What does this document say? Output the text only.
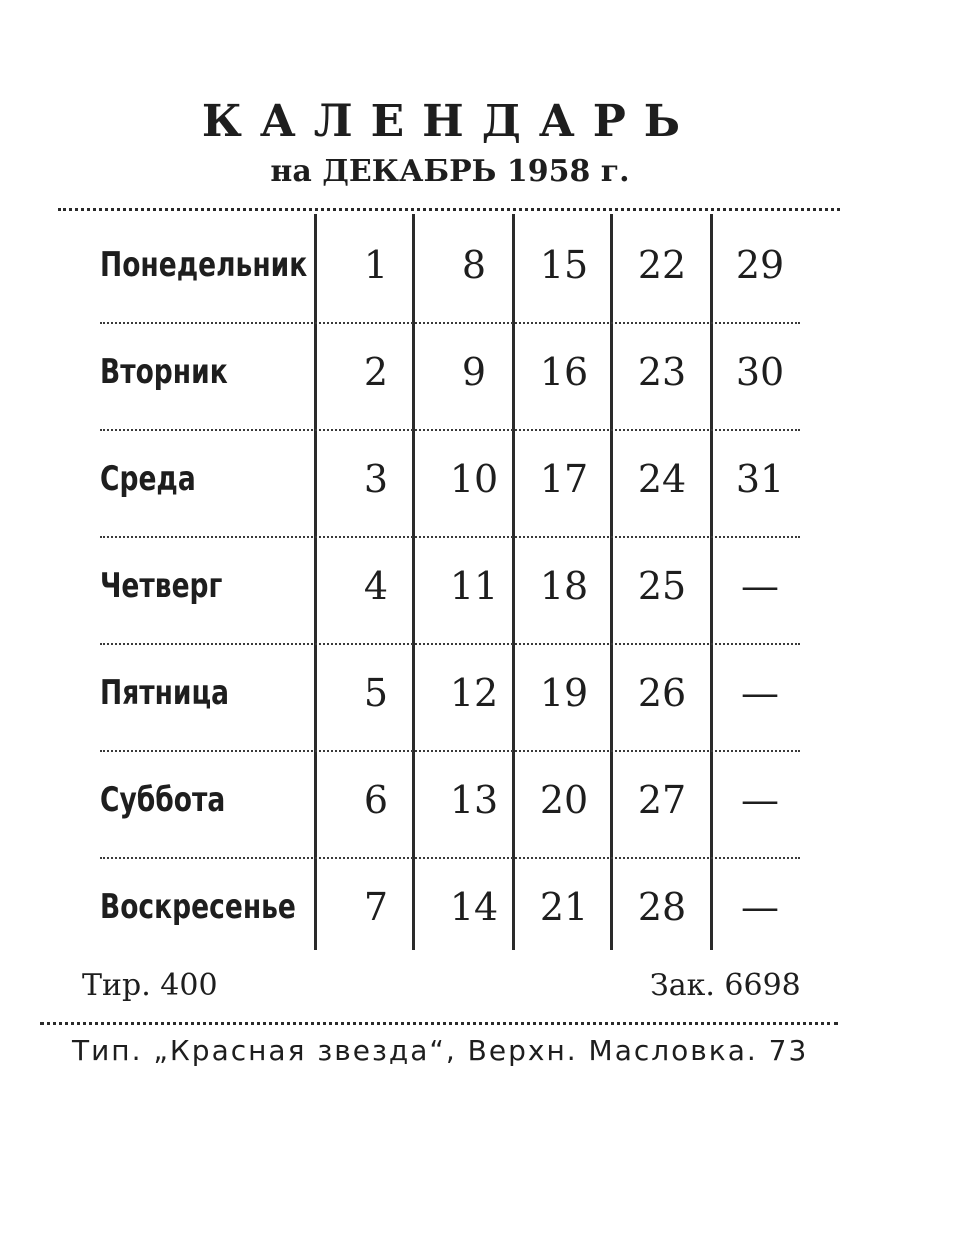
КАЛЕНДАРЬ
на ДЕКАБРЬ 1958 г.
Понедельник	1	8	15	22	29
Вторник	2	9	16	23	30
Среда	3	10	17	24	31
Четверг	4	11	18	25	—
Пятница	5	12	19	26	—
Суббота	6	13	20	27	—
Воскресенье	7	14	21	28	—
Тир. 400	Зак. 6698
Тип. „Красная звезда“, Верхн. Масловка. 73
